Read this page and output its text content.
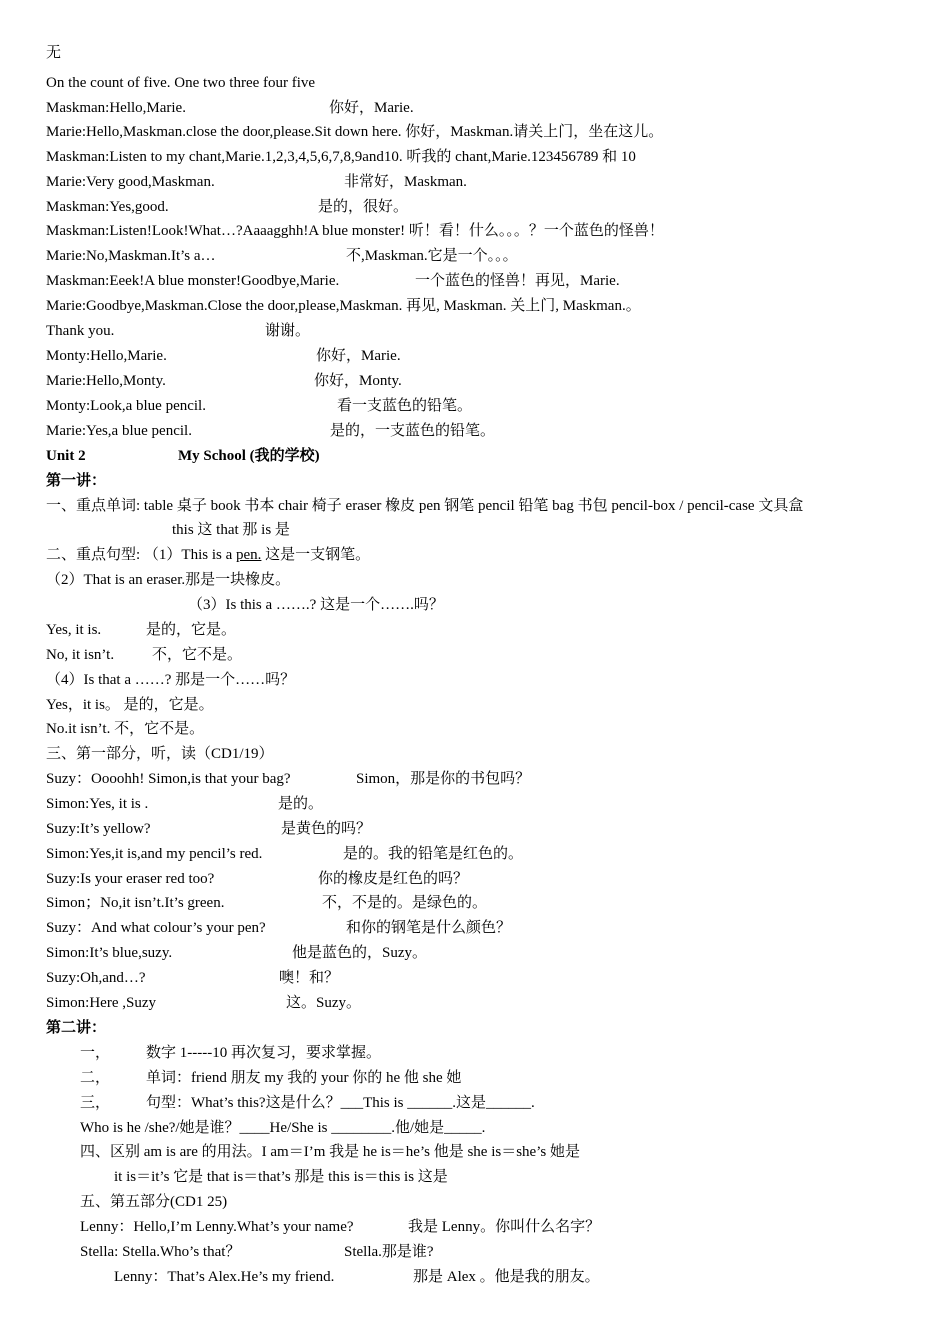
无
On the count of five. One two three four five
Maskman:Hello,Marie.	你好，Marie.
Marie:Hello,Maskman.close the door,please.Sit down here. 你好，Maskman.请关上门，坐在这儿。
Maskman:Listen to my chant,Marie.1,2,3,4,5,6,7,8,9and10. 听我的 chant,Marie.123456789 和 10
Marie:Very good,Maskman.	非常好，Maskman.
Maskman:Yes,good.	是的，很好。
Maskman:Listen!Look!What…?Aaaagghh!A blue monster! 听！看！什么。。。？一个蓝色的怪兽！
Marie:No,Maskman.It’s a…	不,Maskman.它是一个。。。
Maskman:Eeek!A blue monster!Goodbye,Marie.	一个蓝色的怪兽！再见，Marie.
Marie:Goodbye,Maskman.Close the door,please,Maskman. 再见, Maskman. 关上门, Maskman.。
Thank you.	谢谢。
Monty:Hello,Marie.	你好，Marie.
Marie:Hello,Monty.	你好，Monty.
Monty:Look,a blue pencil.	看一支蓝色的铅笔。
Marie:Yes,a blue pencil.	是的，一支蓝色的铅笔。
Unit 2	My School (我的学校)
第一讲：
一、重点单词: table 桌子 book 书本 chair 椅子 eraser 橡皮 pen 钢笔 pencil 铅笔 bag 书包 pencil-box / pencil-case 文具盒
this 这 that 那 is 是
二、重点句型: （1）This is a pen. 这是一支钢笔。
（2）That is an eraser.那是一块橡皮。
（3）Is this a …….? 这是一个…….吗？
Yes, it is.	是的，它是。
No, it isn’t.	不，它不是。
（4）Is that a ……? 那是一个……吗？
Yes，it is。 是的，它是。
No.it isn’t. 不，它不是。
三、第一部分，听，读（CD1/19）
Suzy：Oooohh! Simon,is that your bag?	Simon，那是你的书包吗？
Simon:Yes, it is .	是的。
Suzy:It’s yellow?	是黄色的吗？
Simon:Yes,it is,and my pencil’s red.	是的。我的铅笔是红色的。
Suzy:Is your eraser red too?	你的橡皮是红色的吗？
Simon；No,it isn’t.It’s green.	不，不是的。是绿色的。
Suzy：And what colour’s your pen?	和你的钢笔是什么颜色？
Simon:It’s blue,suzy.	他是蓝色的，Suzy。
Suzy:Oh,and…?	噢！和？
Simon:Here ,Suzy	这。Suzy。
第二讲：
一， 数字 1-----10 再次复习，要求掌握。
二， 单词：friend 朋友 my 我的 your 你的 he 他 she 她
三， 句型：What’s this?这是什么？___This is ______.这是______.
Who is he /she?/她是谁？____He/She is ________.他/她是_____.
四、区别 am is are 的用法。I am＝I’m 我是 he is＝he’s 他是 she is＝she’s 她是
it is＝it’s 它是 that is＝that’s 那是 this is＝this is 这是
五、第五部分(CD1 25)
Lenny：Hello,I’m Lenny.What’s your name?	我是 Lenny。你叫什么名字？
Stella: Stella.Who’s that？	Stella.那是谁?
Lenny：That’s Alex.He’s my friend.	那是 Alex 。他是我的朋友。
